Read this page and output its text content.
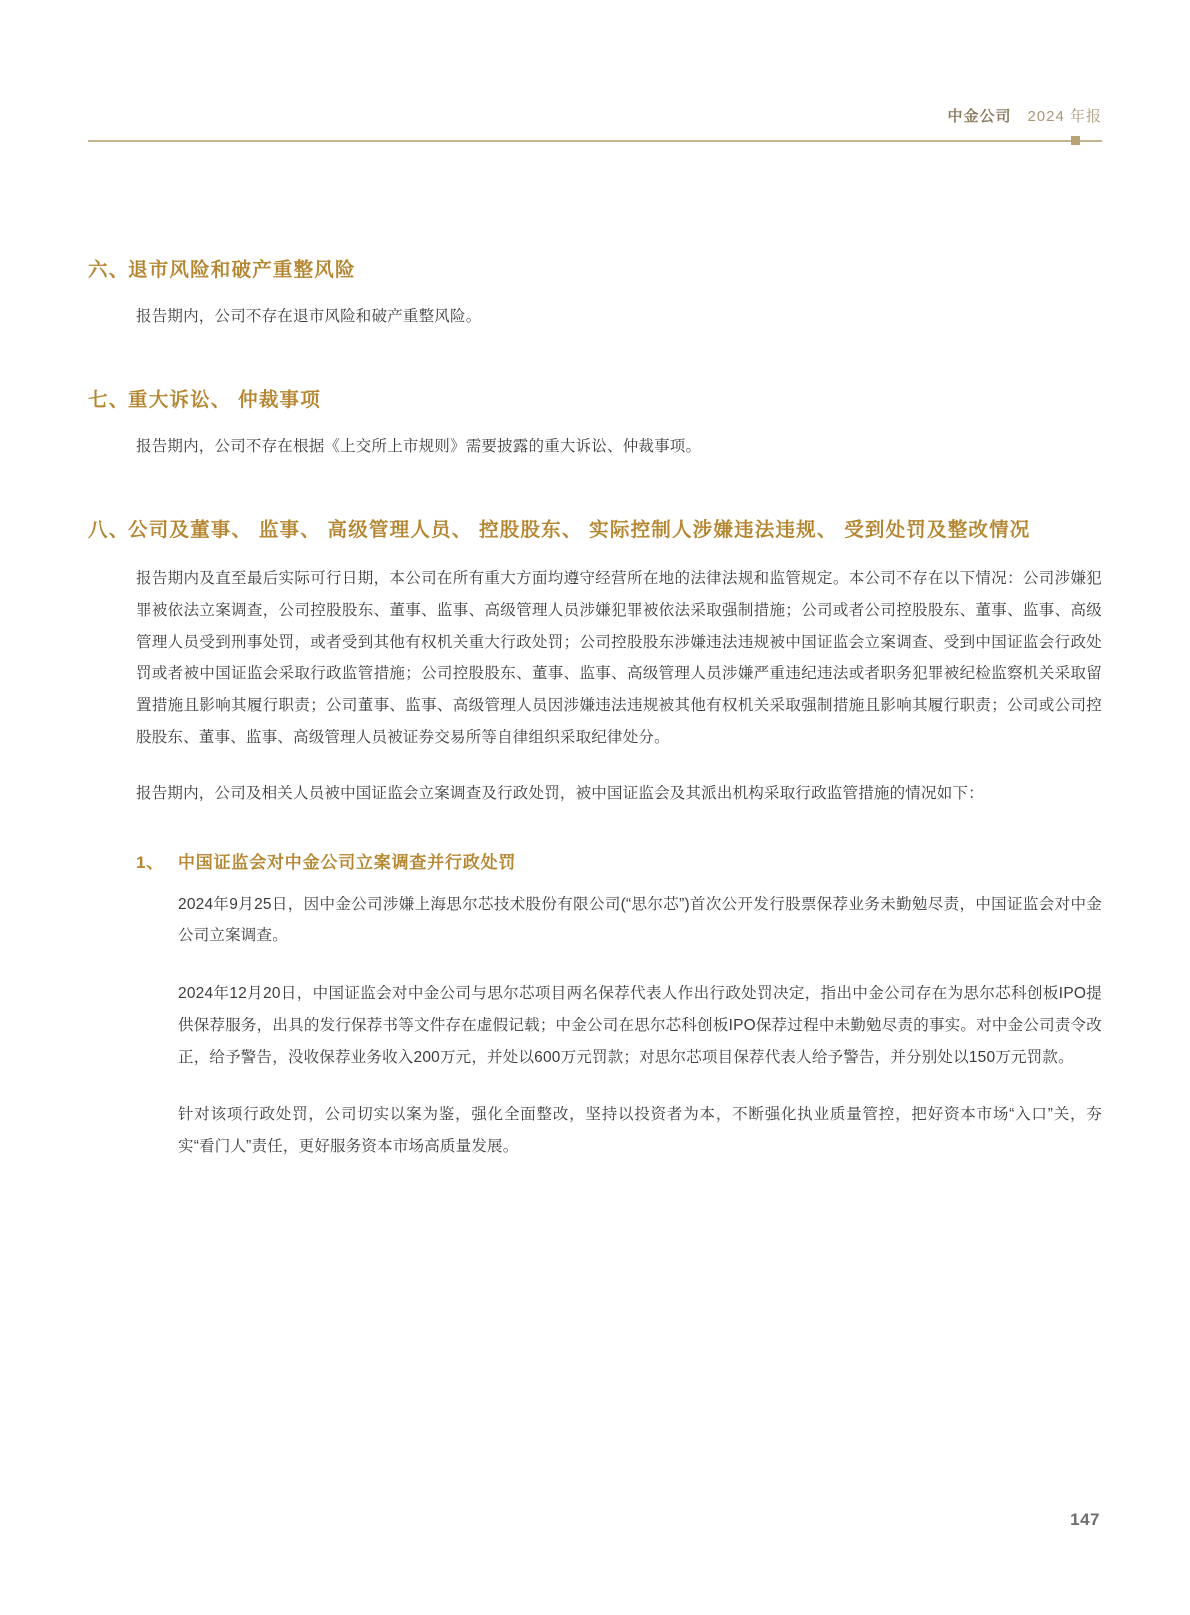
中金公司 2024 年报
六、
退市风险和破产重整风险

报告期内，公司不存在退市风险和破产重整风险。

七、
重大诉讼、 仲裁事项

报告期内，公司不存在根据《上交所上市规则》需要披露的重大诉讼、仲裁事项。

八、
公司及董事、 监事、 高级管理人员、 控股股东、 实际控制人涉嫌违法违规、 受到处罚及整改情况

报告期内及直至最后实际可行日期，本公司在所有重大方面均遵守经营所在地的法律法规和监管规定。本公司不存在以下情况：公司涉嫌犯罪被依法立案调查，公司控股股东、董事、监事、高级管理人员涉嫌犯罪被依法采取强制措施；公司或者公司控股股东、董事、监事、高级管理人员受到刑事处罚，或者受到其他有权机关重大行政处罚；公司控股股东涉嫌违法违规被中国证监会立案调查、受到中国证监会行政处罚或者被中国证监会采取行政监管措施；公司控股股东、董事、监事、高级管理人员涉嫌严重违纪违法或者职务犯罪被纪检监察机关采取留置措施且影响其履行职责；公司董事、监事、高级管理人员因涉嫌违法违规被其他有权机关采取强制措施且影响其履行职责；公司或公司控股股东、董事、监事、高级管理人员被证券交易所等自律组织采取纪律处分。

报告期内，公司及相关人员被中国证监会立案调查及行政处罚，被中国证监会及其派出机构采取行政监管措施的情况如下：

1、 中国证监会对中金公司立案调查并行政处罚

2024年9月25日，因中金公司涉嫌上海思尔芯技术股份有限公司(“思尔芯”)首次公开发行股票保荐业务未勤勉尽责，中国证监会对中金公司立案调查。

2024年12月20日，中国证监会对中金公司与思尔芯项目两名保荐代表人作出行政处罚决定，指出中金公司存在为思尔芯科创板IPO提供保荐服务，出具的发行保荐书等文件存在虚假记载；中金公司在思尔芯科创板IPO保荐过程中未勤勉尽责的事实。对中金公司责令改正，给予警告，没收保荐业务收入200万元，并处以600万元罚款；对思尔芯项目保荐代表人给予警告，并分别处以150万元罚款。

针对该项行政处罚，公司切实以案为鉴，强化全面整改，坚持以投资者为本，不断强化执业质量管控，把好资本市场“入口”关，夯实“看门人”责任，更好服务资本市场高质量发展。

147
